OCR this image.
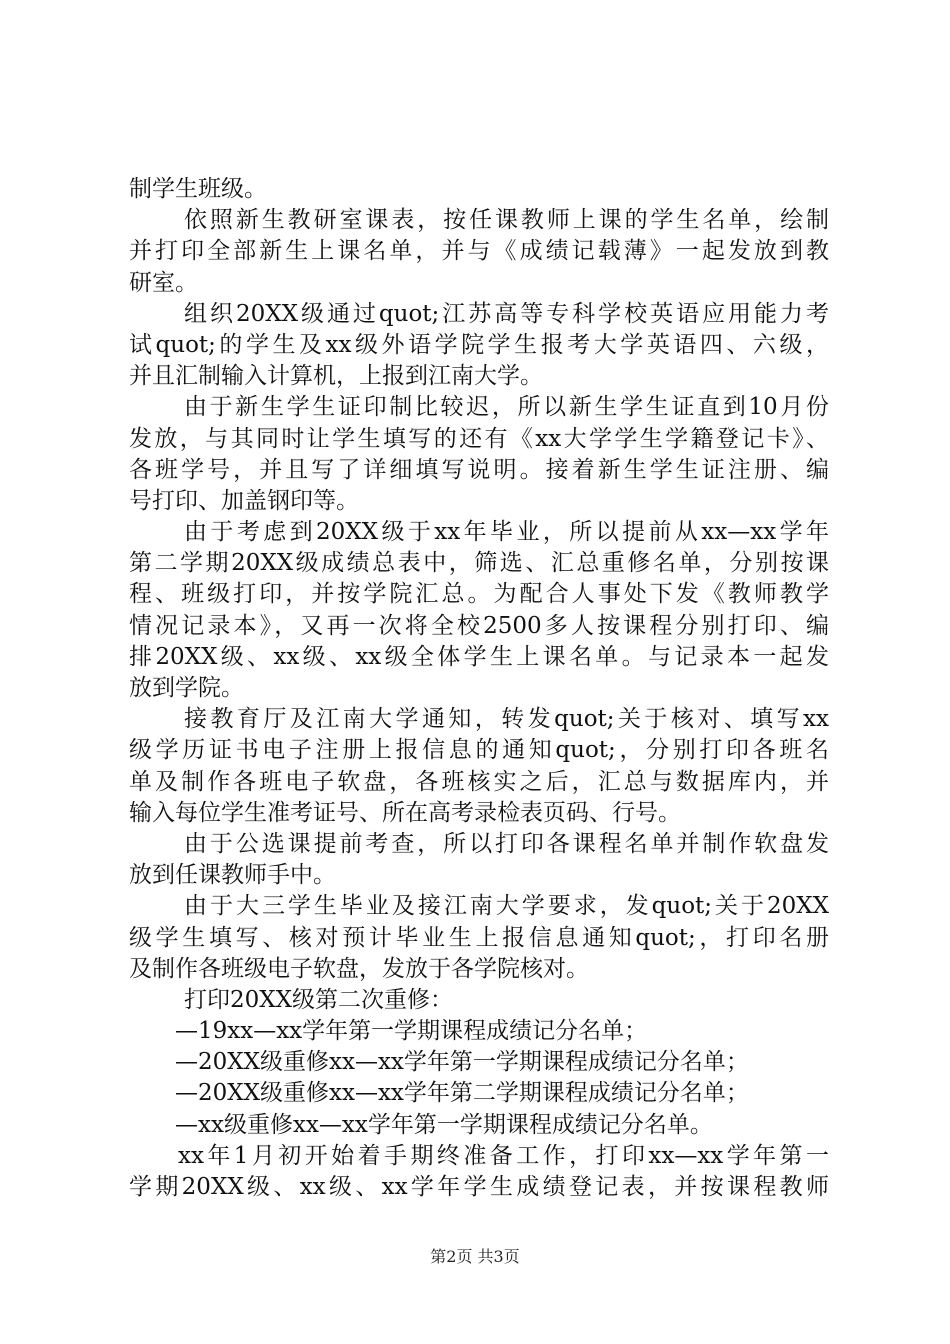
制学生班级。
依照新生教研室课表，按任课教师上课的学生名单，绘制
并打印全部新生上课名单，并与《成绩记载薄》一起发放到教
研室。
组织20XX级通过quot;江苏高等专科学校英语应用能力考
试quot;的学生及xx级外语学院学生报考大学英语四、六级，
并且汇制输入计算机，上报到江南大学。
由于新生学生证印制比较迟，所以新生学生证直到10月份
发放，与其同时让学生填写的还有《xx大学学生学籍登记卡》、
各班学号，并且写了详细填写说明。接着新生学生证注册、编
号打印、加盖钢印等。
由于考虑到20XX级于xx年毕业，所以提前从xx—xx学年
第二学期20XX级成绩总表中，筛选、汇总重修名单，分别按课
程、班级打印，并按学院汇总。为配合人事处下发《教师教学
情况记录本》，又再一次将全校2500多人按课程分别打印、编
排20XX级、xx级、xx级全体学生上课名单。与记录本一起发
放到学院。
接教育厅及江南大学通知，转发quot;关于核对、填写xx
级学历证书电子注册上报信息的通知quot;，分别打印各班名
单及制作各班电子软盘，各班核实之后，汇总与数据库内，并
输入每位学生准考证号、所在高考录检表页码、行号。
由于公选课提前考查，所以打印各课程名单并制作软盘发
放到任课教师手中。
由于大三学生毕业及接江南大学要求，发quot;关于20XX
级学生填写、核对预计毕业生上报信息通知quot;，打印名册
及制作各班级电子软盘，发放于各学院核对。
打印20XX级第二次重修：
—19xx—xx学年第一学期课程成绩记分名单；
—20XX级重修xx—xx学年第一学期课程成绩记分名单；
—20XX级重修xx—xx学年第二学期课程成绩记分名单；
—xx级重修xx—xx学年第一学期课程成绩记分名单。
xx年1月初开始着手期终准备工作，打印xx—xx学年第一
学期20XX级、xx级、xx学年学生成绩登记表，并按课程教师
第2页 共3页
